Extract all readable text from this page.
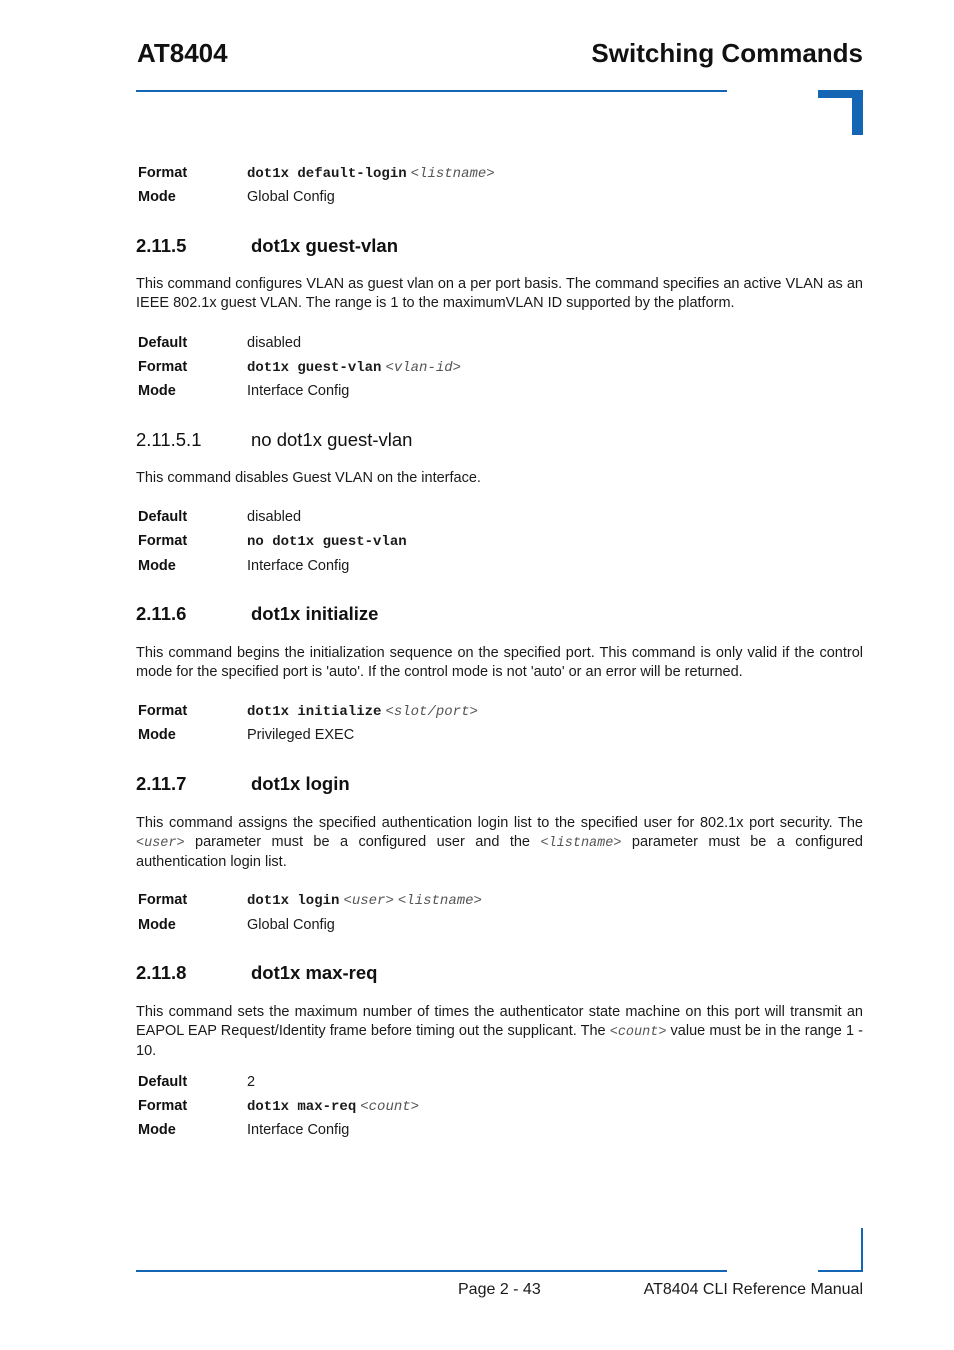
AT8404	Switching Commands
Format	dot1x default-login <listname>
Mode	Global Config
2.11.5	dot1x guest-vlan

This command configures VLAN as guest vlan on a per port basis. The command specifies an active VLAN as an IEEE 802.1x guest VLAN. The range is 1 to the maximumVLAN ID supported by the platform.

Default	disabled
Format	dot1x guest-vlan <vlan-id>
Mode	Interface Config
2.11.5.1	no dot1x guest-vlan

This command disables Guest VLAN on the interface.

Default	disabled
Format	no dot1x guest-vlan
Mode	Interface Config
2.11.6	dot1x initialize

This command begins the initialization sequence on the specified port. This command is only valid if the control mode for the specified port is 'auto'. If the control mode is not 'auto' or an error will be returned.

Format	dot1x initialize <slot/port>
Mode	Privileged EXEC
2.11.7	dot1x login

This command assigns the specified authentication login list to the specified user for 802.1x port security. The <user> parameter must be a configured user and the <listname> parameter must be a configured authentication login list.

Format	dot1x login <user> <listname>
Mode	Global Config
2.11.8	dot1x max-req

This command sets the maximum number of times the authenticator state machine on this port will transmit an EAPOL EAP Request/Identity frame before timing out the supplicant. The <count> value must be in the range 1 - 10.

Default	2
Format	dot1x max-req <count>
Mode	Interface Config
Page 2 - 43	AT8404 CLI Reference Manual
